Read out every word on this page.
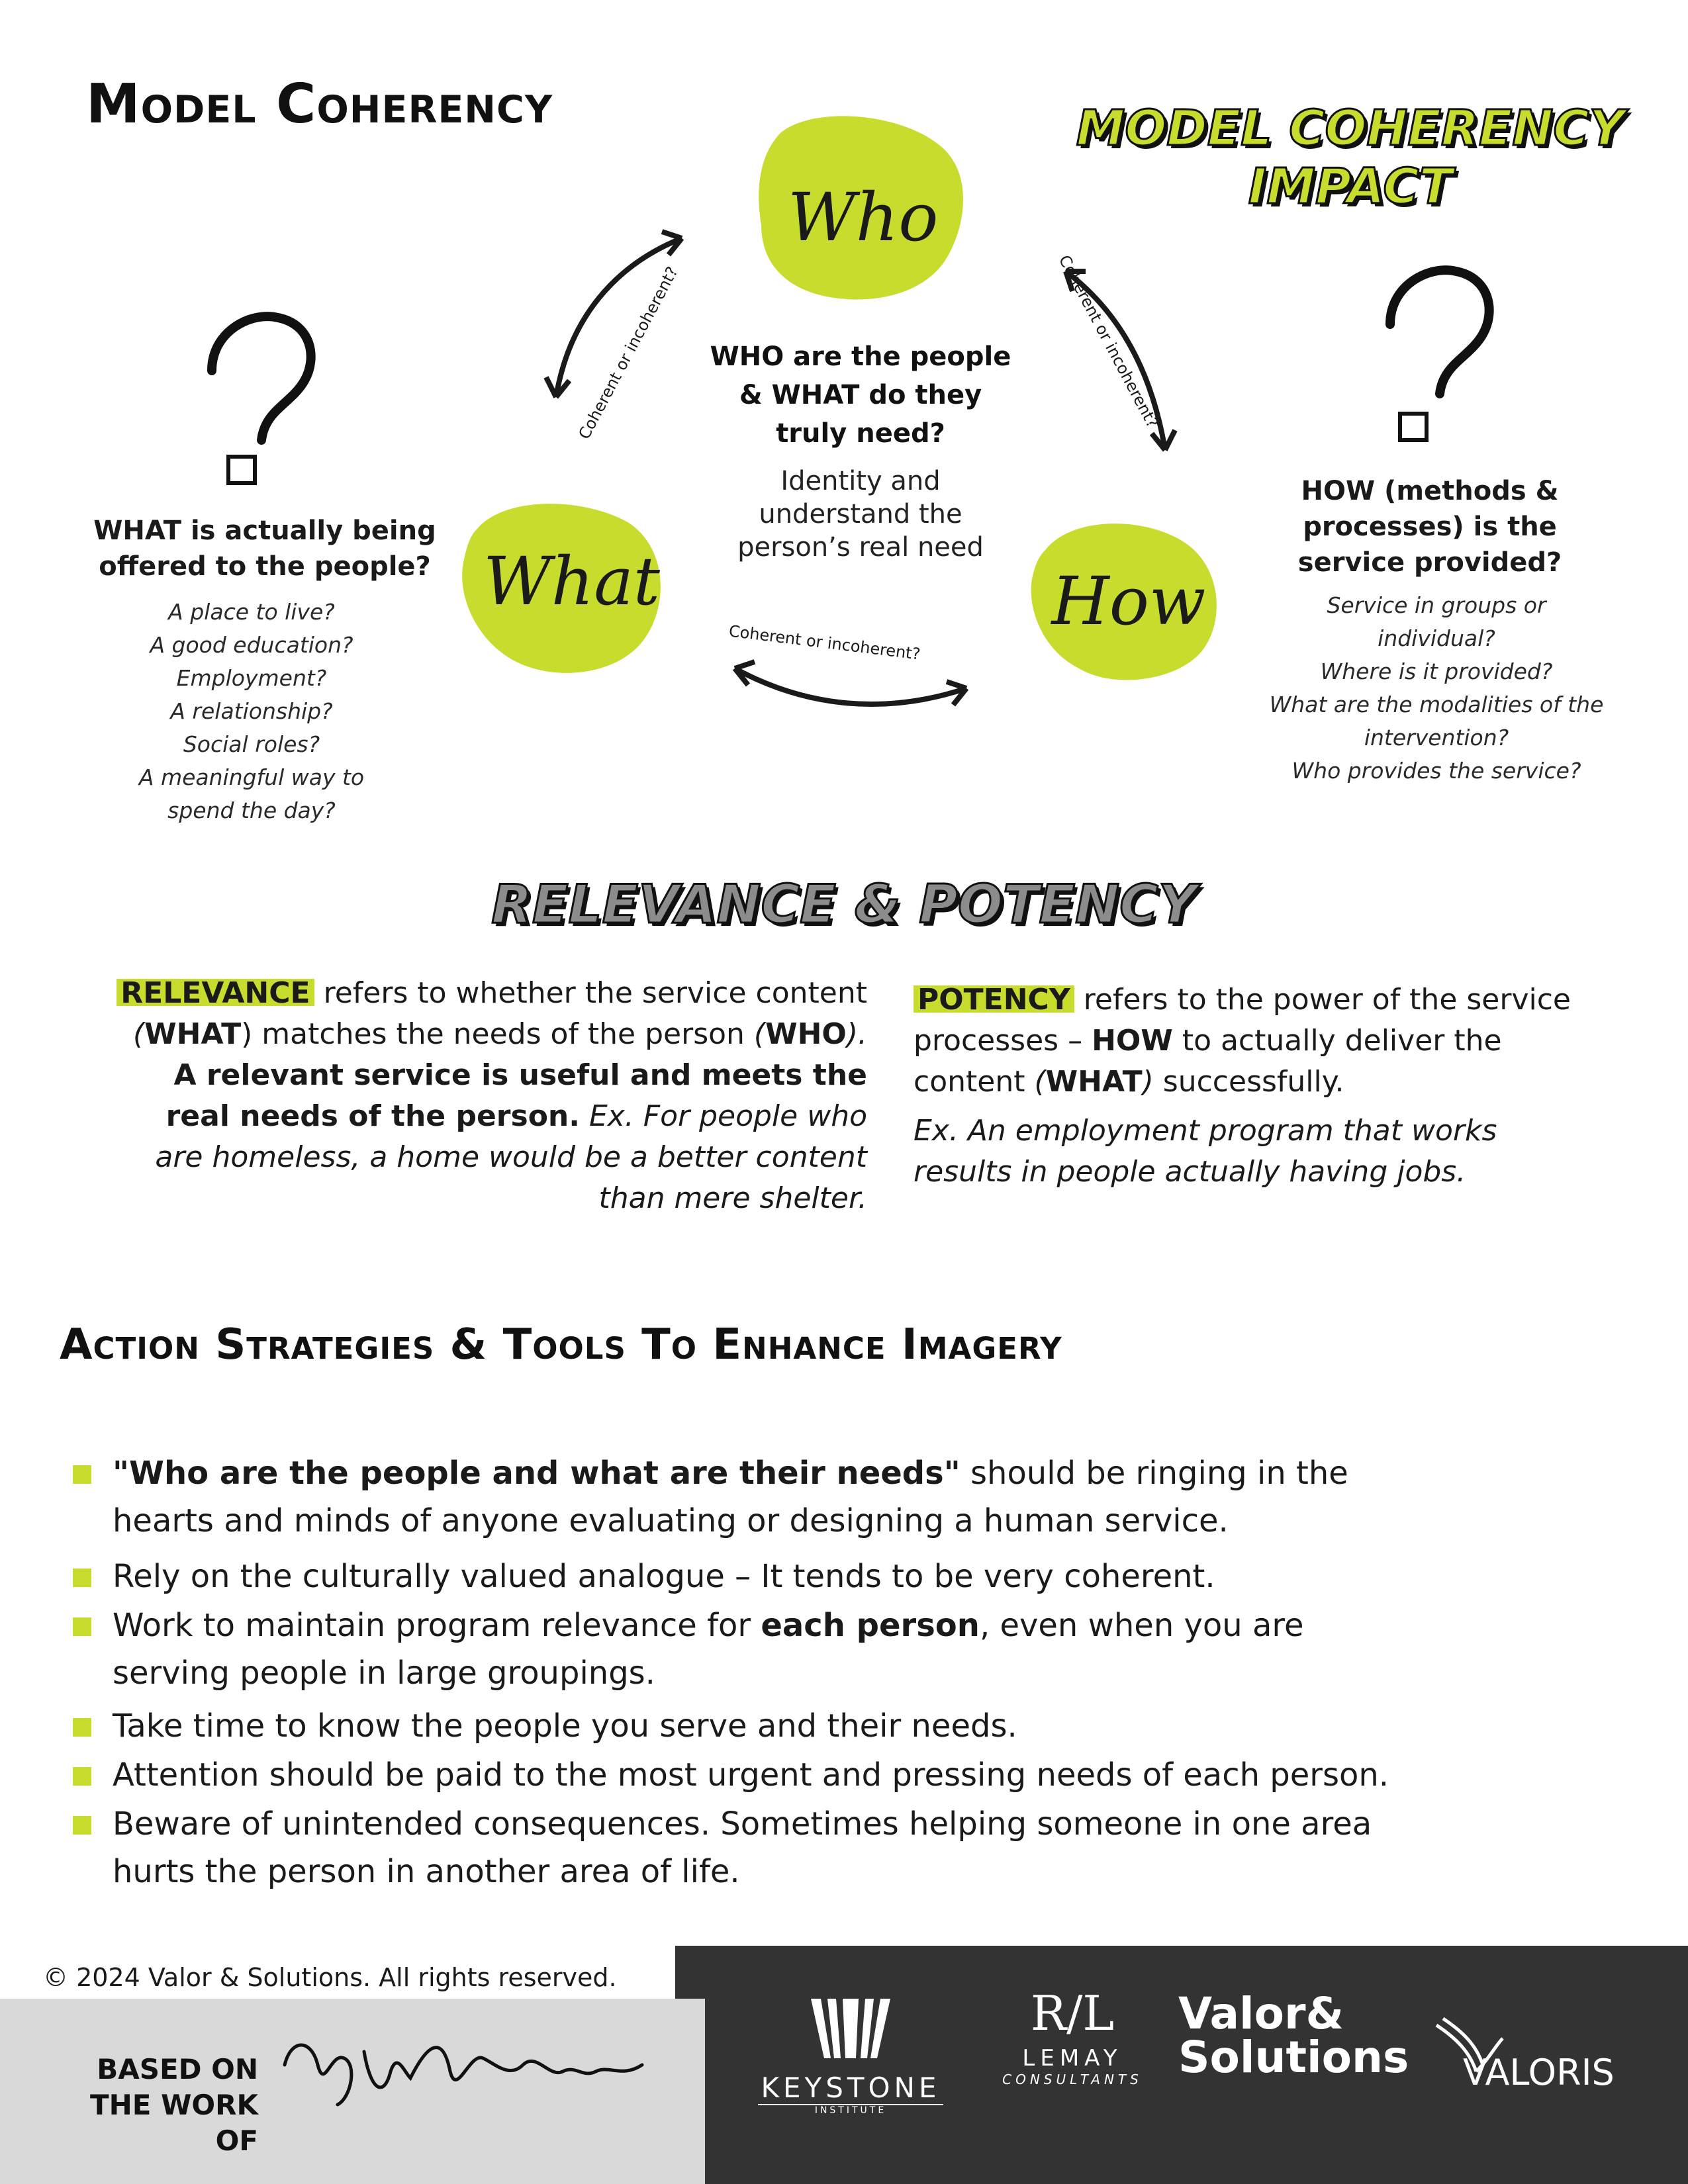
Model Coherency	MODEL COHERENCY
IMPACT
Who
What	How
Coherent or incoherent?	Coherent or incoherent?
Coherent or incoherent?
WHO are the people
& WHAT do they
truly need?
Identity and
understand the
person’s real need
WHAT is actually being
offered to the people?
A place to live?
A good education?
Employment?
A relationship?
Social roles?
A meaningful way to
spend the day?
HOW (methods &
processes) is the
service provided?
Service in groups or
individual?
Where is it provided?
What are the modalities of the
intervention?
Who provides the service?
RELEVANCE & POTENCY
RELEVANCE refers to whether the service content
(WHAT) matches the needs of the person (WHO).
A relevant service is useful and meets the
real needs of the person. Ex. For people who
are homeless, a home would be a better content
than mere shelter.
POTENCY refers to the power of the service
processes – HOW to actually deliver the
content (WHAT) successfully.
Ex. An employment program that works
results in people actually having jobs.
Action Strategies & Tools To Enhance Imagery
"Who are the people and what are their needs" should be ringing in the
hearts and minds of anyone evaluating or designing a human service.
Rely on the culturally valued analogue – It tends to be very coherent.
Work to maintain program relevance for each person, even when you are
serving people in large groupings.
Take time to know the people you serve and their needs.
Attention should be paid to the most urgent and pressing needs of each person.
Beware of unintended consequences. Sometimes helping someone in one area
hurts the person in another area of life.
© 2024 Valor & Solutions. All rights reserved.
BASED ON
THE WORK OF
KEYSTONE
INSTITUTE
R/L
LEMAY
CONSULTANTS
Valor&
Solutions VALORIS
